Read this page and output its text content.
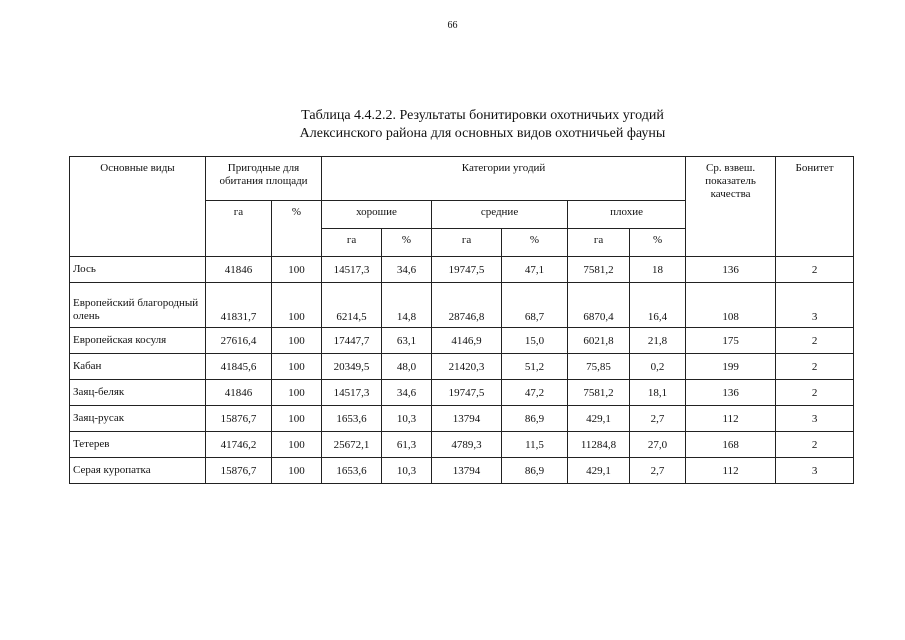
66
Таблица 4.4.2.2. Результаты бонитировки охотничьих угодий
Алексинского района для основных видов охотничьей фауны
Основные виды	Пригодные для обитания площади		Категории угодий						Ср. взвеш. показатель качества	Бонитет
	га	%	хорошие		средние		плохие			
			га	%	га	%	га	%		
Лось	41846	100	14517,3	34,6	19747,5	47,1	7581,2	18	136	2
Европейский благородный олень	41831,7	100	6214,5	14,8	28746,8	68,7	6870,4	16,4	108	3
Европейская косуля	27616,4	100	17447,7	63,1	4146,9	15,0	6021,8	21,8	175	2
Кабан	41845,6	100	20349,5	48,0	21420,3	51,2	75,85	0,2	199	2
Заяц-беляк	41846	100	14517,3	34,6	19747,5	47,2	7581,2	18,1	136	2
Заяц-русак	15876,7	100	1653,6	10,3	13794	86,9	429,1	2,7	112	3
Тетерев	41746,2	100	25672,1	61,3	4789,3	11,5	11284,8	27,0	168	2
Серая куропатка	15876,7	100	1653,6	10,3	13794	86,9	429,1	2,7	112	3
